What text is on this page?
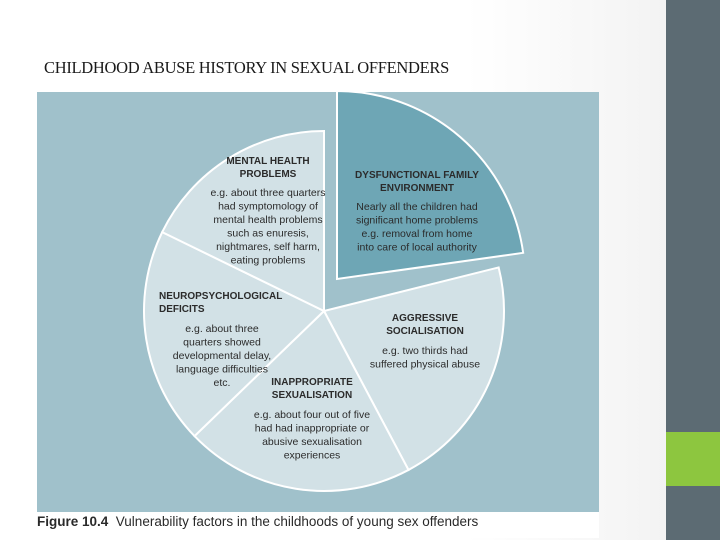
CHILDHOOD ABUSE HISTORY IN SEXUAL OFFENDERS
DYSFUNCTIONAL FAMILY
ENVIRONMENT
Nearly all the children had
significant home problems
e.g. removal from home
into care of local authority
AGGRESSIVE
SOCIALISATION
e.g. two thirds had
suffered physical abuse
INAPPROPRIATE
SEXUALISATION
e.g. about four out of five
had had inappropriate or
abusive sexualisation
experiences
NEUROPSYCHOLOGICAL
DEFICITS
e.g. about three
quarters showed
developmental delay,
language difficulties
etc.
MENTAL HEALTH
PROBLEMS
e.g. about three quarters
had symptomology of
mental health problems
such as enuresis,
nightmares, self harm,
eating problems
Figure 10.4 Vulnerability factors in the childhoods of young sex offenders
